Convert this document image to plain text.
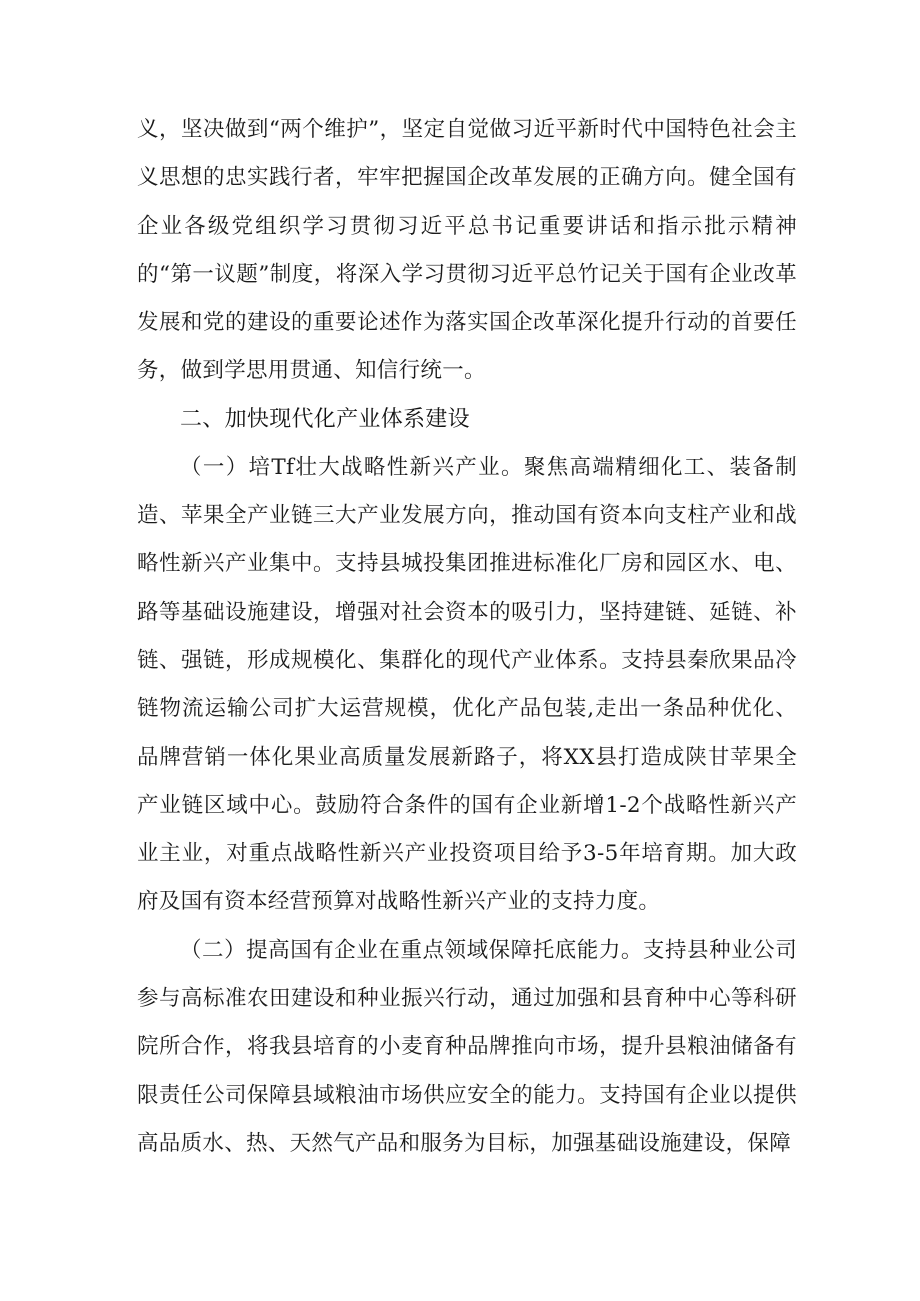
义，坚决做到“两个维护”，坚定自觉做习近平新时代中国特色社会主义思想的忠实践行者，牢牢把握国企改革发展的正确方向。健全国有企业各级党组织学习贯彻习近平总书记重要讲话和指示批示精神的“第一议题”制度，将深入学习贯彻习近平总竹记关于国有企业改革发展和党的建设的重要论述作为落实国企改革深化提升行动的首要任务，做到学思用贯通、知信行统一。

二、加快现代化产业体系建设

（一）培Tf壮大战略性新兴产业。聚焦高端精细化工、装备制造、苹果全产业链三大产业发展方向，推动国有资本向支柱产业和战略性新兴产业集中。支持县城投集团推进标准化厂房和园区水、电、路等基础设施建设，增强对社会资本的吸引力，坚持建链、延链、补链、强链，形成规模化、集群化的现代产业体系。支持县秦欣果品冷链物流运输公司扩大运营规模，优化产品包装,走出一条品种优化、品牌营销一体化果业高质量发展新路子，将XX县打造成陕甘苹果全产业链区域中心。鼓励符合条件的国有企业新增1-2个战略性新兴产业主业，对重点战略性新兴产业投资项目给予3-5年培育期。加大政府及国有资本经营预算对战略性新兴产业的支持力度。

（二）提高国有企业在重点领域保障托底能力。支持县种业公司参与高标准农田建设和种业振兴行动，通过加强和县育种中心等科研院所合作，将我县培育的小麦育种品牌推向市场，提升县粮油储备有限责任公司保障县域粮油市场供应安全的能力。支持国有企业以提供高品质水、热、天然气产品和服务为目标，加强基础设施建设，保障
